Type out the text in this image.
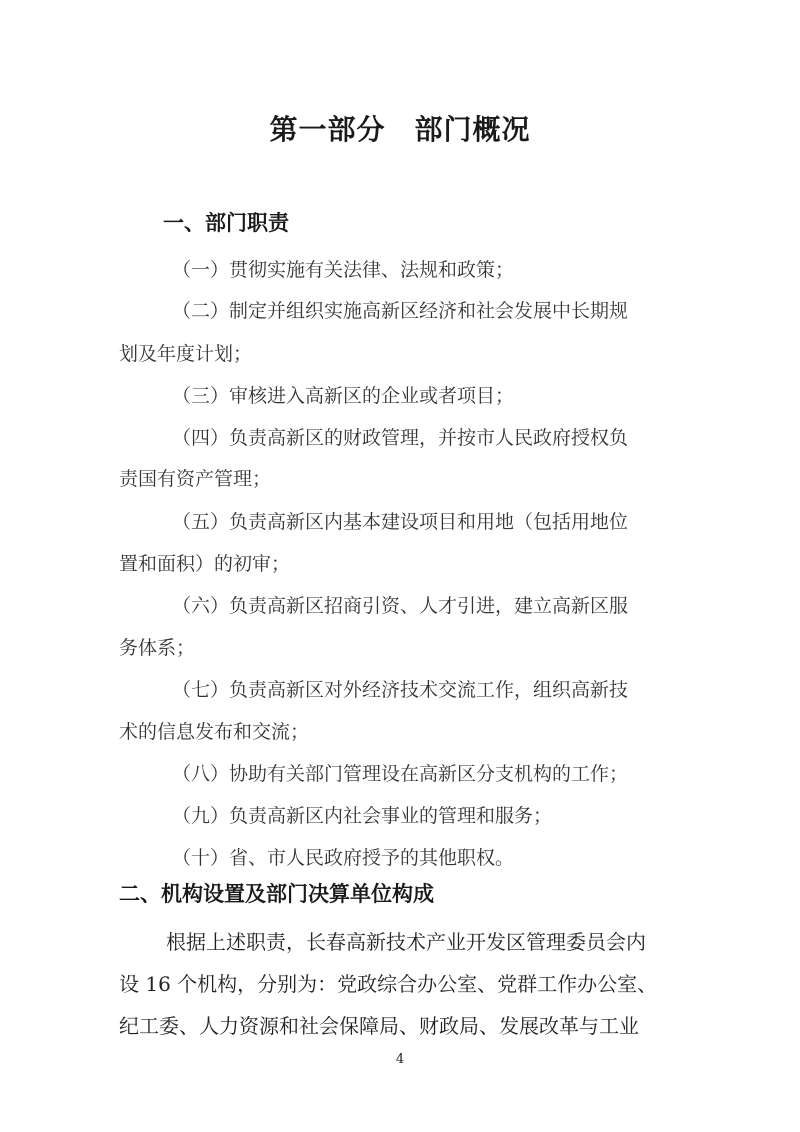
第一部分　部门概况
一、部门职责
（一）贯彻实施有关法律、法规和政策；
（二）制定并组织实施高新区经济和社会发展中长期规
划及年度计划；
（三）审核进入高新区的企业或者项目；
（四）负责高新区的财政管理，并按市人民政府授权负
责国有资产管理；
（五）负责高新区内基本建设项目和用地（包括用地位
置和面积）的初审；
（六）负责高新区招商引资、人才引进，建立高新区服
务体系；
（七）负责高新区对外经济技术交流工作，组织高新技
术的信息发布和交流；
（八）协助有关部门管理设在高新区分支机构的工作；
（九）负责高新区内社会事业的管理和服务；
（十）省、市人民政府授予的其他职权。
二、机构设置及部门决算单位构成
根据上述职责，长春高新技术产业开发区管理委员会内
设 16 个机构，分别为：党政综合办公室、党群工作办公室、
纪工委、人力资源和社会保障局、财政局、发展改革与工业
4
